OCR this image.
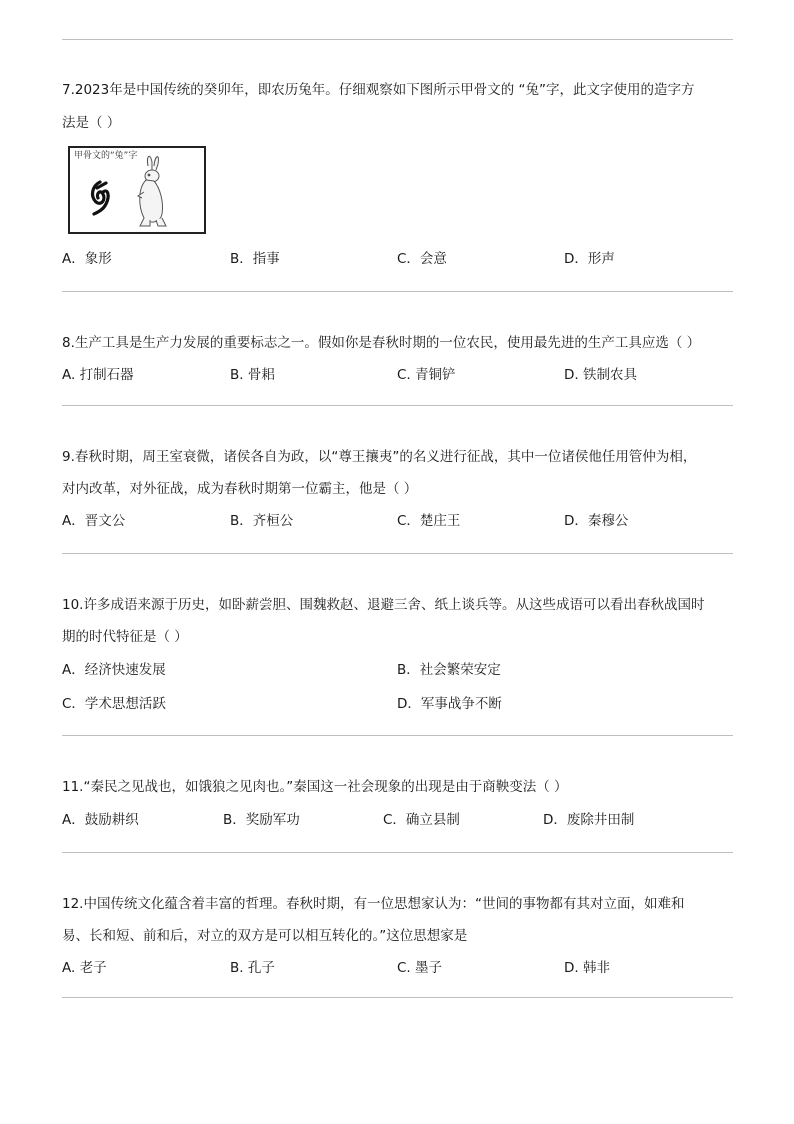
7.2023年是中国传统的癸卯年，即农历兔年。仔细观察如下图所示甲骨文的 “兔”字，此文字使用的造字方
法是（ ）
甲骨文的“兔”字
A．象形	B．指事	C．会意	D．形声
8.生产工具是生产力发展的重要标志之一。假如你是春秋时期的一位农民，使用最先进的生产工具应选（ ）
A. 打制石器	B. 骨耜	C. 青铜铲	D. 铁制农具
9.春秋时期，周王室衰微，诸侯各自为政，以“尊王攘夷”的名义进行征战，其中一位诸侯他任用管仲为相，
对内改革，对外征战，成为春秋时期第一位霸主，他是（ ）
A．晋文公	B．齐桓公	C．楚庄王	D．秦穆公
10.许多成语来源于历史，如卧薪尝胆、围魏救赵、退避三舍、纸上谈兵等。从这些成语可以看出春秋战国时
期的时代特征是（ ）
A．经济快速发展	B．社会繁荣安定
C．学术思想活跃	D．军事战争不断
11.“秦民之见战也，如饿狼之见肉也。”秦国这一社会现象的出现是由于商鞅变法（ ）
A．鼓励耕织	B．奖励军功	C．确立县制	D．废除井田制
12.中国传统文化蕴含着丰富的哲理。春秋时期，有一位思想家认为：“世间的事物都有其对立面，如难和
易、长和短、前和后，对立的双方是可以相互转化的。”这位思想家是
A. 老子	B. 孔子	C. 墨子	D. 韩非
